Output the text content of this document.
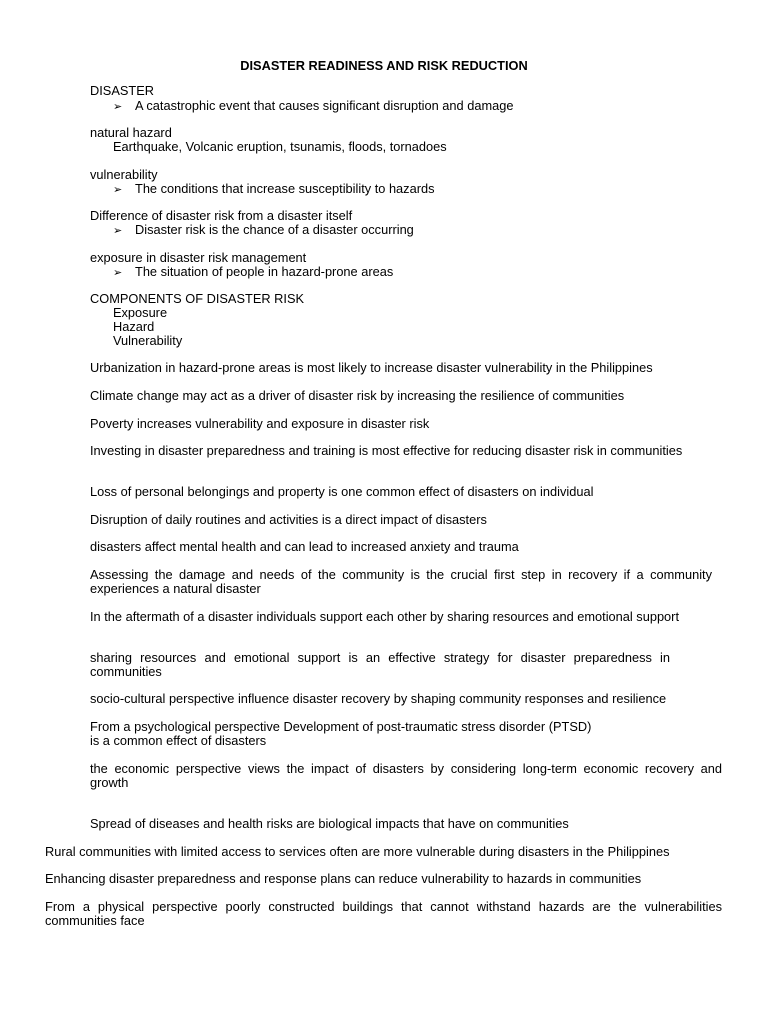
DISASTER READINESS AND RISK REDUCTION

DISASTER

➢ A catastrophic event that causes significant disruption and damage

natural hazard

Earthquake, Volcanic eruption, tsunamis, floods, tornadoes

vulnerability

➢ The conditions that increase susceptibility to hazards

Difference of disaster risk from a disaster itself

➢ Disaster risk is the chance of a disaster occurring

exposure in disaster risk management

➢ The situation of people in hazard-prone areas

COMPONENTS OF DISASTER RISK

Exposure

Hazard

Vulnerability

Urbanization in hazard-prone areas is most likely to increase disaster vulnerability in the Philippines

Climate change may act as a driver of disaster risk by increasing the resilience of communities

Poverty increases vulnerability and exposure in disaster risk

Investing in disaster preparedness and training is most effective for reducing disaster risk in communities

Loss of personal belongings and property is one common effect of disasters on individual

Disruption of daily routines and activities is a direct impact of disasters

disasters affect mental health and can lead to increased anxiety and trauma

Assessing the damage and needs of the community is the crucial first step in recovery if a community experiences a natural disaster

In the aftermath of a disaster individuals support each other by sharing resources and emotional support

sharing resources and emotional support is an effective strategy for disaster preparedness in communities

socio-cultural perspective influence disaster recovery by shaping community responses and resilience

From a psychological perspective Development of post-traumatic stress disorder (PTSD)

is a common effect of disasters

the economic perspective views the impact of disasters by considering long-term economic recovery and growth

Spread of diseases and health risks are biological impacts that have on communities

Rural communities with limited access to services often are more vulnerable during disasters in the Philippines

Enhancing disaster preparedness and response plans can reduce vulnerability to hazards in communities

From a physical perspective poorly constructed buildings that cannot withstand hazards are the vulnerabilities communities face
